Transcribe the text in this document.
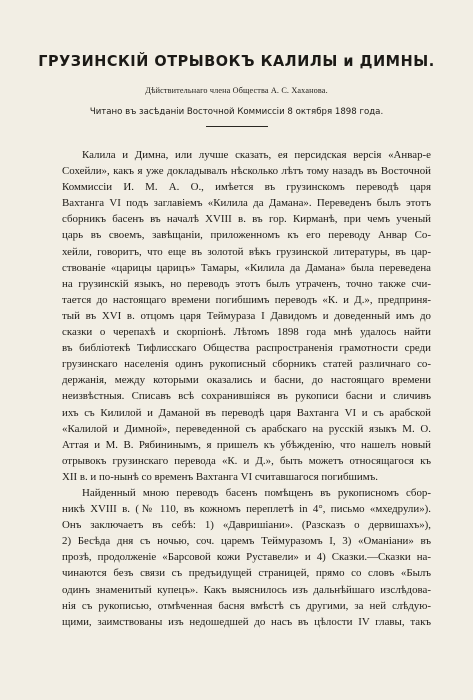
ГРУЗИНСКІЙ ОТРЫВОКЪ КАЛИЛЫ и ДИМНЫ.
Дѣйствительнаго члена Общества А. С. Хаханова.
Читано въ засѣданіи Восточной Коммиссіи 8 октября 1898 года.
Калила и Димна, или лучше сказать, ея персидская версія «Анвар-е
Сохейли», какъ я уже докладывалъ нѣсколько лѣтъ тому назадъ въ Восточной
Коммиссіи И. М. А. О., имѣется въ грузинскомъ переводѣ царя
Вахтанга VI подъ заглавіемъ «Килила да Дамана». Переведенъ былъ этотъ
сборникъ басенъ въ началѣ XVIII в. въ гор. Кирманѣ, при чемъ ученый
царь въ своемъ, завѣщаніи, приложенномъ къ его переводу Анвар Со-
хейли, говоритъ, что еще въ золотой вѣкъ грузинской литературы, въ цар-
ствованіе «царицы царицъ» Тамары, «Килила да Дамана» была переведена
на грузинскій языкъ, но переводъ этотъ былъ утраченъ, точно также счи-
тается до настоящаго времени погибшимъ переводъ «К. и Д.», предприня-
тый въ XVI в. отцомъ царя Теймураза I Давидомъ и доведенный имъ до
сказки о черепахѣ и скорпіонѣ. Лѣтомъ 1898 года мнѣ удалось найти
въ библіотекѣ Тифлисскаго Общества распространенія грамотности среди
грузинскаго населенія одинъ рукописный сборникъ статей различнаго со-
держанія, между которыми оказались и басни, до настоящаго времени
неизвѣстныя. Списавъ всѣ сохранившіяся въ рукописи басни и сличивъ
ихъ съ Килилой и Даманой въ переводѣ царя Вахтанга VI и съ арабской
«Калилой и Димной», переведенной съ арабскаго на русскій языкъ М. О.
Аттая и М. В. Рябининымъ, я пришелъ къ убѣжденію, что нашелъ новый
отрывокъ грузинскаго перевода «К. и Д.», быть можетъ относящагося къ
XII в. и по-нынѣ со временъ Вахтанга VI считавшагося погибшимъ.
Найденный мною переводъ басенъ помѣщенъ въ рукописномъ сбор-
никѣ XVIII в. (№ 110, въ кожномъ переплетѣ in 4°, письмо «мхедрули»).
Онъ заключаетъ въ себѣ: 1) «Давришіани». (Разсказъ о дервишахъ»),
2) Бесѣда дня съ ночью, соч. царемъ Теймуразомъ I, 3) «Оманіани» въ
прозѣ, продолженіе «Барсовой кожи Руставели» и 4) Сказки.—Сказки на-
чинаются безъ связи съ предъидущей страницей, прямо со словъ «Былъ
одинъ знаменитый купецъ». Какъ выяснилось изъ дальнѣйшаго изслѣдова-
нія съ рукописью, отмѣченная басня вмѣстѣ съ другими, за ней слѣдую-
щими, заимствованы изъ недошедшей до насъ въ цѣлости IV главы, такъ
